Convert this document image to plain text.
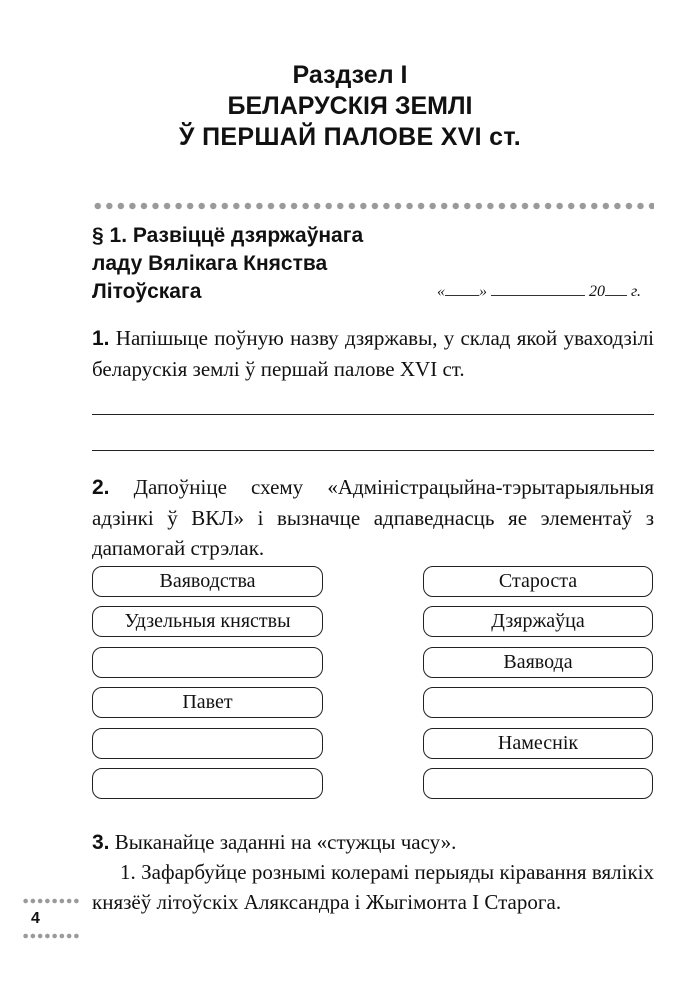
Раздзел I
БЕЛАРУСКІЯ ЗЕМЛІ
Ў ПЕРШАЙ ПАЛОВЕ XVI ст.
§ 1. Развіццё дзяржаўнага
ладу Вялікага Княства
Літоўскага	« »	20 г.
1. Напішыце поўную назву дзяржавы, у склад якой уваходзілі беларускія землі ў першай палове XVI ст.
2. Дапоўніце схему «Адміністрацыйна-тэрытарыяльныя адзінкі ў ВКЛ» і вызначце адпаведнасць яе элементаў з дапамогай стрэлак.
Ваяводства
Удзельныя княствы
Павет
Староста
Дзяржаўца
Ваявода
Намеснік
3. Выканайце заданні на «стужцы часу».
1. Зафарбуйце рознымі колерамі перыяды кіравання вялікіх князёў літоўскіх Аляксандра і Жыгімонта І Старога.
4
